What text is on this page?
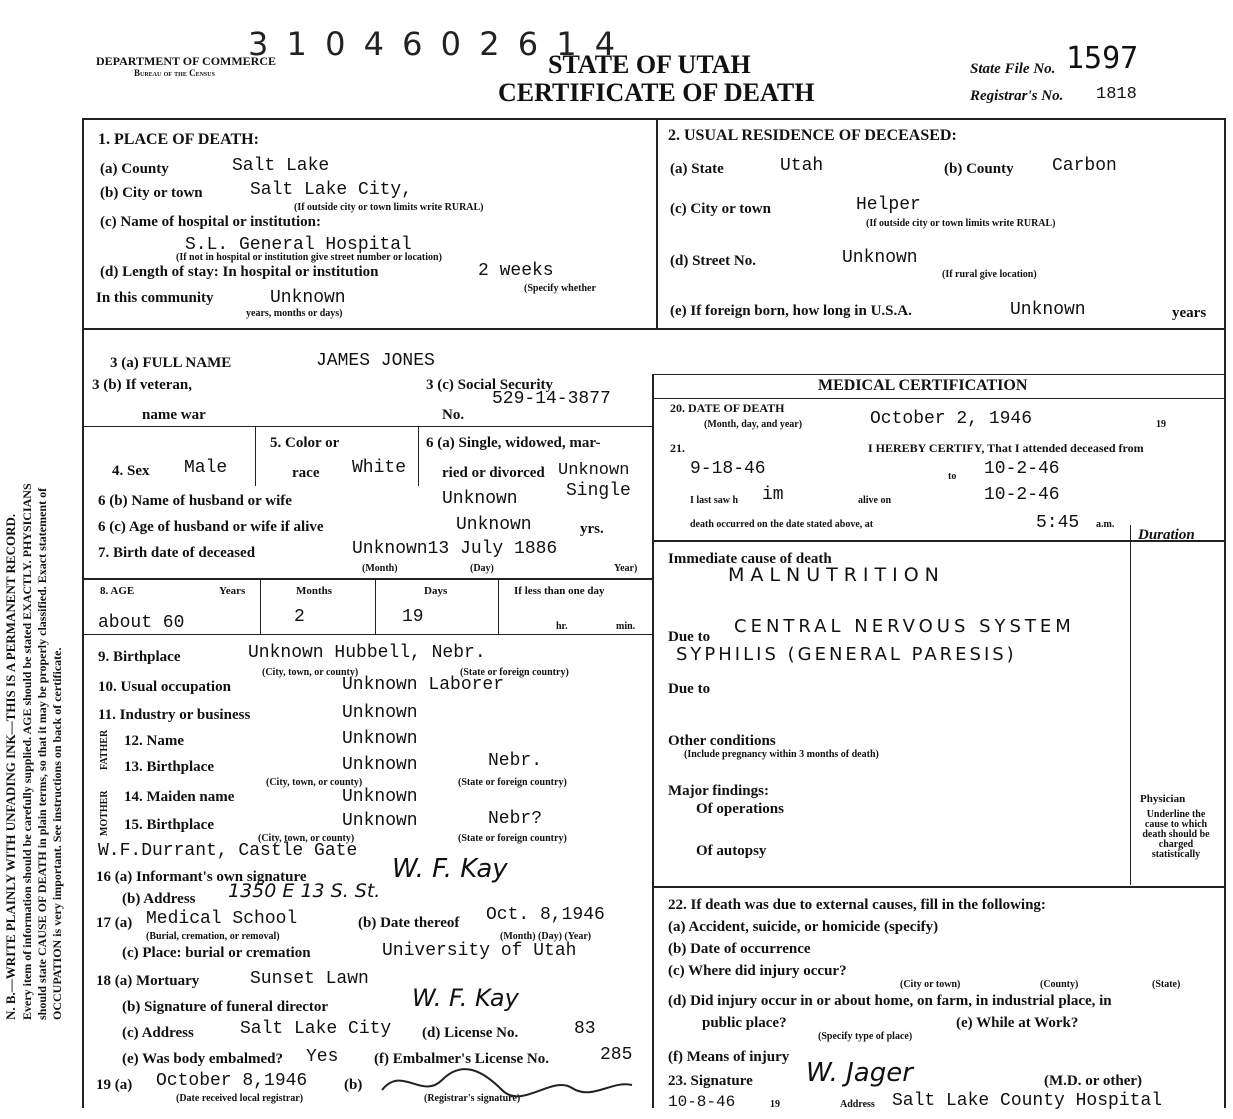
N. B.—WRITE PLAINLY WITH UNFADING INK—THIS IS A PERMANENT RECORD. Every item of information should be carefully supplied. AGE should be stated EXACTLY. PHYSICIANS should state CAUSE OF DEATH in plain terms, so that it may be properly classified. Exact statement of OCCUPATION is very important. See instructions on back of certificate.
DEPARTMENT OF COMMERCE
Bureau of the Census
3 1 0 4 6 0 2 6 1 4
STATE OF UTAH
CERTIFICATE OF DEATH
State File No. 1597
Registrar's No. 1818
1. PLACE OF DEATH:
(a) County	Salt Lake
(b) City or town	Salt Lake City,
(If outside city or town limits write RURAL)
(c) Name of hospital or institution:
S.L. General Hospital
(If not in hospital or institution give street number or location)
(d) Length of stay: In hospital or institution	2 weeks
(Specify whether
In this community	Unknown
years, months or days)
2. USUAL RESIDENCE OF DECEASED:
(a) State	Utah	(b) County Carbon
(c) City or town	Helper
(If outside city or town limits write RURAL)
(d) Street No.	Unknown
(If rural give location)
(e) If foreign born, how long in U.S.A.	Unknown	years
3 (a) FULL NAME	JAMES JONES
3 (b) If veteran,
name war
3 (c) Social Security
No.
529-14-3877
4. Sex Male
5. Color or
race White
6 (a) Single, widowed, mar-
ried or divorced Unknown
Single
6 (b) Name of husband or wife	Unknown
6 (c) Age of husband or wife if alive	Unknown	yrs.
7. Birth date of deceased	Unknown13 July 1886
(Month)	(Day)	Year)
8. AGE	Years	Months	Days	If less than one day
about 60	2	19	hr.	min.
9. Birthplace	Unknown Hubbell, Nebr.
(City, town, or county)	(State or foreign country)
10. Usual occupation	Unknown Laborer
11. Industry or business	Unknown
FATHER 12. Name	Unknown
13. Birthplace	Unknown	Nebr.
(City, town, or county)	(State or foreign country)
MOTHER 14. Maiden name	Unknown
15. Birthplace	Unknown	Nebr?
(City, town, or county)	(State or foreign country)
W.F.Durrant, Castle Gate
16 (a) Informant's own signature	W. F. Kay
(b) Address 1350 E 13 S. St.
17 (a) Medical School	(b) Date thereof Oct. 8,1946
(Burial, cremation, or removal)	(Month) (Day) (Year)
(c) Place: burial or cremation	University of Utah
18 (a) Mortuary	Sunset Lawn
(b) Signature of funeral director	W. F. Kay
(c) Address	Salt Lake City (d) License No.	83
(e) Was body embalmed? Yes (f) Embalmer's License No.	285
19 (a) October 8,1946 (b)
(Date received local registrar)	(Registrar's signature)
MEDICAL CERTIFICATION
20. DATE OF DEATH
(Month, day, and year)	October 2, 1946	19
21.	I HEREBY CERTIFY, That I attended deceased from
9-18-46	to 10-2-46
I last saw h im	alive on	10-2-46
death occurred on the date stated above, at	5:45 a.m.
Duration
Immediate cause of death
MALNUTRITION
Due to CENTRAL NERVOUS SYSTEM
SYPHILIS (GENERAL PARESIS)
Due to
Other conditions
(Include pregnancy within 3 months of death)
Major findings:
Of operations
Of autopsy
Physician
Underline the cause to which death should be charged statistically
22. If death was due to external causes, fill in the following:
(a) Accident, suicide, or homicide (specify)
(b) Date of occurrence
(c) Where did injury occur?
(City or town)	(County)	(State)
(d) Did injury occur in or about home, on farm, in industrial place, in
public place?	(e) While at Work?
(Specify type of place)
(f) Means of injury
23. Signature W. Jager	(M.D. or other)
10-8-46	19	Address Salt Lake County Hospital
